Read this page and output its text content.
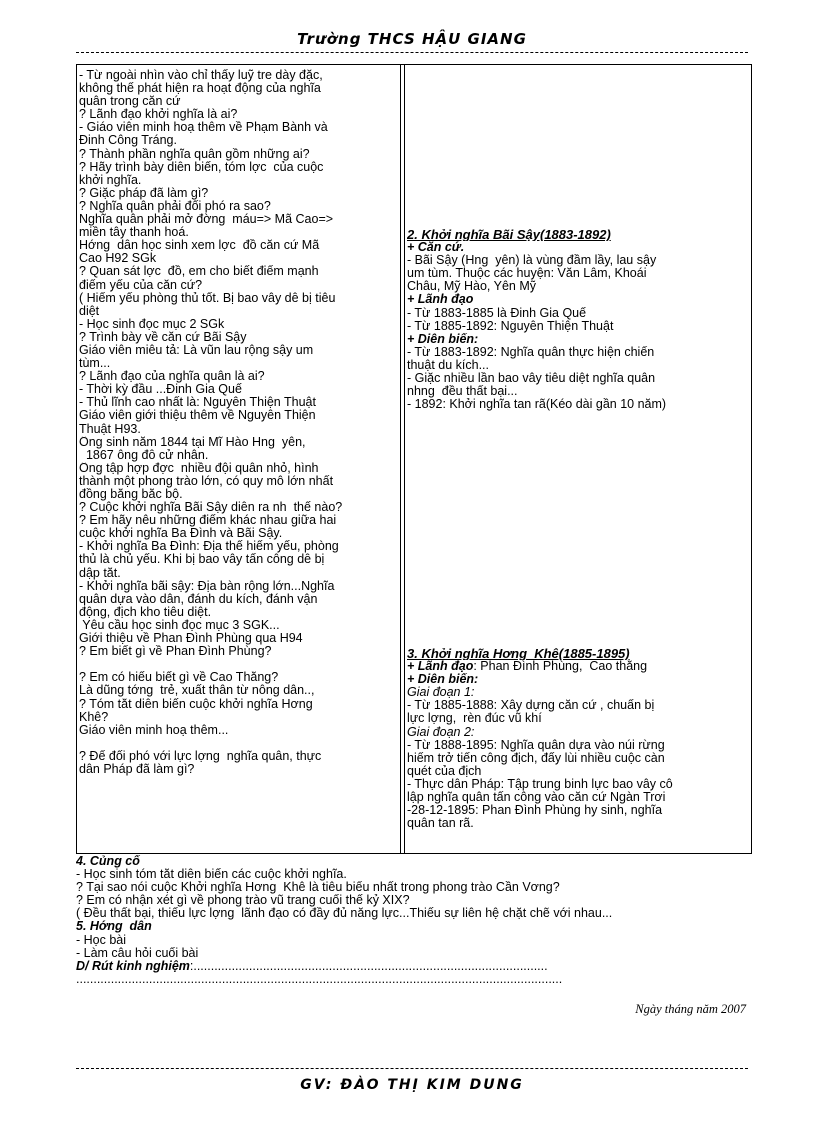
Trường THCS HẬU GIANG
- Từ ngoài nhìn vào chỉ thấy luỹ tre dày đặc,
không thể phát hiện ra hoạt động của nghĩa
quân trong căn cứ
? Lãnh đạo khởi nghĩa là ai?
- Giáo viên minh hoạ thêm về Phạm Bành và
Đinh Công Tráng.
? Thành phần nghĩa quân gồm những ai?
? Hãy trình bày diễn biến, tóm lợc  của cuộc
khởi nghĩa.
? Giặc pháp đã làm gì?
? Nghĩa quân phải đối phó ra sao?
Nghĩa quân phải mở đờng  máu=> Mã Cao=>
miền tây thanh hoá.
Hớng  dẫn học sinh xem lợc  đồ căn cứ Mã
Cao H92 SGk
? Quan sát lợc  đồ, em cho biết điểm mạnh
điểm yếu của căn cứ?
( Hiểm yếu phòng thủ tốt. Bị bao vây dễ bị tiêu
diệt
- Học sinh đọc mục 2 SGk
? Trình bày về căn cứ Bãi Sậy
Giáo viên miêu tả: Là vũn lau rộng sậy um
tùm...
? Lãnh đạo của nghĩa quân là ai?
- Thời kỳ đầu ...Đinh Gia Quế
- Thủ lĩnh cao nhất là: Nguyễn Thiện Thuật
Giáo viên giới thiệu thêm về Nguyễn Thiện
Thuật H93.
Ông sinh năm 1844 tại Mĩ Hào Hng  yên,
1867 ông đỗ cử nhân.
Ông tập hợp đợc  nhiều đội quân nhỏ, hình
thành một phong trào lớn, có quy mô lớn nhất
đồng bằng bắc bộ.
? Cuộc khởi nghĩa Bãi Sậy diễn ra nh  thế nào?
? Em hãy nêu những điểm khác nhau giữa hai
cuộc khởi nghĩa Ba Đình và Bãi Sậy.
- Khởi nghĩa Ba Đình: Địa thế hiểm yếu, phòng
thủ là chủ yếu. Khi bị bao vây tấn công dễ bị
dập tắt.
- Khởi nghĩa bãi sậy: Địa bàn rộng lớn...Nghĩa
quân dựa vào dân, đánh du kích, đánh vận
động, địch kho tiêu diệt.
Yêu cầu học sinh đọc mục 3 SGK...
Giới thiệu về Phan Đình Phùng qua H94
? Em biết gì về Phan Đình Phùng?

? Em có hiểu biết gì về Cao Thắng?
Là dũng tớng  trẻ, xuất thân từ nông dân..,
? Tóm tắt diễn biến cuộc khởi nghĩa Hơng
Khê?
Giáo viên minh hoạ thêm...

? Để đối phó với lực lợng  nghĩa quân, thực
dân Pháp đã làm gì?
2. Khởi nghĩa Bãi Sậy(1883-1892)
+ Căn cứ.
- Bãi Sậy (Hng  yên) là vùng đầm lầy, lau sậy
um tùm. Thuộc các huyện: Văn Lâm, Khoái
Châu, Mỹ Hào, Yên Mỹ
+ Lãnh đạo
- Từ 1883-1885 là Đinh Gia Quế
- Từ 1885-1892: Nguyễn Thiện Thuật
+ Diễn biến:
- Từ 1883-1892: Nghĩa quân thực hiện chiến
thuật du kích...
- Giặc nhiều lần bao vây tiêu diệt nghĩa quân
nhng  đều thất bại...
- 1892: Khởi nghĩa tan rã(Kéo dài gần 10 năm)
3. Khởi nghĩa Hơng  Khê(1885-1895)
+ Lãnh đạo: Phan Đình Phùng,  Cao thắng
+ Diễn biến:
Giai đoạn 1:
- Từ 1885-1888: Xây dựng căn cứ , chuẩn bị
lực lợng,  rèn đúc vũ khí
Giai đoạn 2:
- Từ 1888-1895: Nghĩa quân dựa vào núi rừng
hiểm trở tiến công địch, đẩy lùi nhiều cuộc càn
quét của địch
- Thực dân Pháp: Tập trung binh lực bao vây cô
lập nghĩa quân tấn công vào căn cứ Ngàn Trơi
-28-12-1895: Phan Đình Phùng hy sinh, nghĩa
quân tan rã.
4. Củng cố
- Học sinh tóm tắt diễn biến các cuộc khởi nghĩa.
? Tại sao nói cuộc Khởi nghĩa Hơng  Khê là tiêu biểu nhất trong phong trào Cần Vơng?
? Em có nhận xét gì về phong trào vũ trang cuối thế kỷ XIX?
( Đều thất bại, thiếu lực lợng  lãnh đạo có đầy đủ năng lực...Thiếu sự liên hệ chặt chẽ với nhau...
5. Hớng  dẫn
- Học bài
- Làm câu hỏi cuối bài
D/ Rút kinh nghiệm:......................................................................................................
............................................................................................................................................
Ngày tháng năm 2007
GV: ĐÀO THỊ KIM DUNG
